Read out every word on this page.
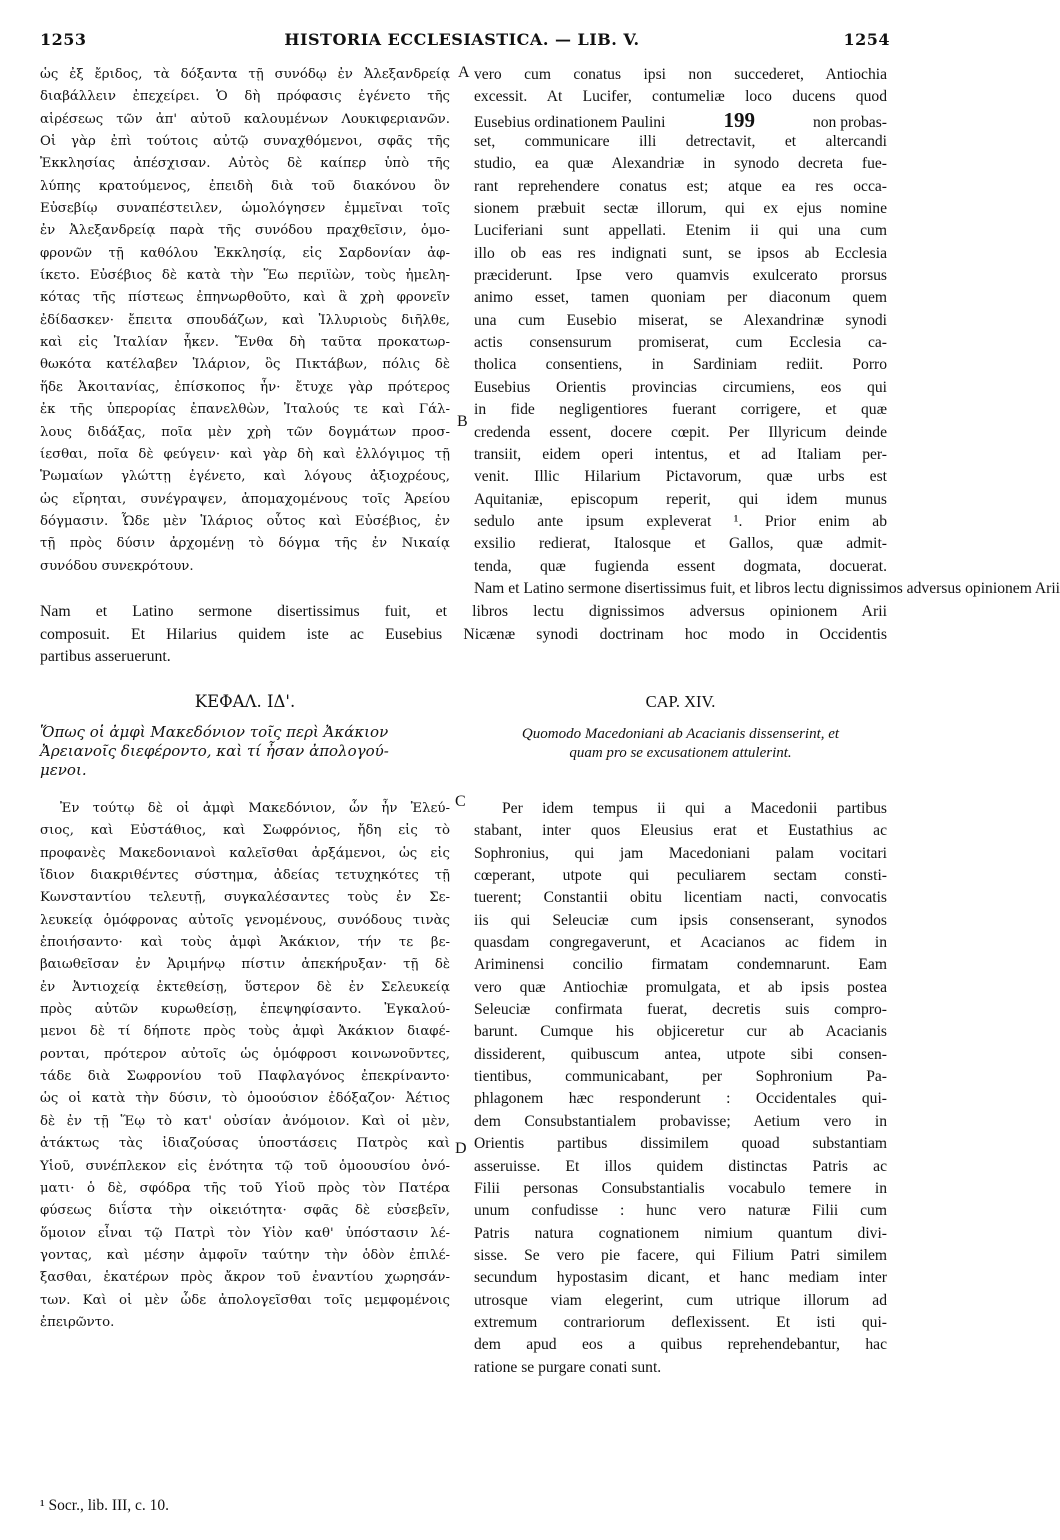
1253	HISTORIA ECCLESIASTICA. — LIB. V.	1254
ὡς ἐξ ἔριδος, τὰ δόξαντα τῇ συνόδῳ ἐν Ἀλεξανδρείᾳ
διαβάλλειν ἐπεχείρει. Ὁ δὴ πρόφασις ἐγένετο τῆς
αἱρέσεως τῶν ἀπ' αὐτοῦ καλουμένων Λουκιφεριανῶν.
Οἱ γὰρ ἐπὶ τούτοις αὐτῷ συναχθόμενοι, σφᾶς τῆς
Ἐκκλησίας ἀπέσχισαν. Αὐτὸς δὲ καίπερ ὑπὸ τῆς
λύπης κρατούμενος, ἐπειδὴ διὰ τοῦ διακόνου ὃν
Εὐσεβίῳ συναπέστειλεν, ὡμολόγησεν ἐμμεῖναι τοῖς
ἐν Ἀλεξανδρείᾳ παρὰ τῆς συνόδου πραχθεῖσιν, ὁμο-
φρονῶν τῇ καθόλου Ἐκκλησίᾳ, εἰς Σαρδονίαν ἀφ-
ίκετο. Εὐσέβιος δὲ κατὰ τὴν Ἕω περιϊὼν, τοὺς ἠμελη-
κότας τῆς πίστεως ἐπηνωρθοῦτο, καὶ ἃ χρὴ φρονεῖν
ἐδίδασκεν· ἔπειτα σπουδάζων, καὶ Ἰλλυριοὺς διῆλθε,
καὶ εἰς Ἰταλίαν ἧκεν. Ἔνθα δὴ ταῦτα προκατωρ-
θωκότα κατέλαβεν Ἱλάριον, ὃς Πικτάβων, πόλις δὲ
ἥδε Ἀκοιτανίας, ἐπίσκοπος ἦν· ἔτυχε γὰρ πρότερος
ἐκ τῆς ὑπερορίας ἐπανελθὼν, Ἰταλούς τε καὶ Γάλ-
λους διδάξας, ποῖα μὲν χρὴ τῶν δογμάτων προσ-
ίεσθαι, ποῖα δὲ φεύγειν· καὶ γὰρ δὴ καὶ ἐλλόγιμος τῇ
Ῥωμαίων γλώττῃ ἐγένετο, καὶ λόγους ἀξιοχρέους,
ὡς εἴρηται, συνέγραψεν, ἀπομαχομένους τοῖς Ἀρείου
δόγμασιν. Ὧδε μὲν Ἱλάριος οὗτος καὶ Εὐσέβιος, ἐν
τῇ πρὸς δύσιν ἀρχομένῃ τὸ δόγμα τῆς ἐν Νικαίᾳ
συνόδου συνεκρότουν.
vero cum conatus ipsi non succederet, Antiochia
excessit. At Lucifer, contumeliæ loco ducens quod
Eusebius ordinationem Paulini	199	non probas-
set, communicare illi detrectavit, et altercandi
studio, ea quæ Alexandriæ in synodo decreta fue-
rant reprehendere conatus est; atque ea res occa-
sionem præbuit sectæ illorum, qui ex ejus nomine
Luciferiani sunt appellati. Etenim ii qui una cum
illo ob eas res indignati sunt, se ipsos ab Ecclesia
præciderunt. Ipse vero quamvis exulcerato prorsus
animo esset, tamen quoniam per diaconum quem
una cum Eusebio miserat, se Alexandrinæ synodi
actis consensurum promiserat, cum Ecclesia ca-
tholica consentiens, in Sardiniam rediit. Porro
Eusebius Orientis provincias circumiens, eos qui
in fide negligentiores fuerant corrigere, et quæ
credenda essent, docere cœpit. Per Illyricum deinde
transiit, eidem operi intentus, et ad Italiam per-
venit. Illic Hilarium Pictavorum, quæ urbs est
Aquitaniæ, episcopum reperit, qui idem munus
sedulo ante ipsum expleverat ¹. Prior enim ab
exsilio redierat, Italosque et Gallos, quæ admit-
tenda, quæ fugienda essent dogmata, docuerat.
Nam et Latino sermone disertissimus fuit, et libros lectu dignissimos adversus opinionem Arii
A
B
C
D
Nam et Latino sermone disertissimus fuit, et libros lectu dignissimos adversus opinionem Arii
composuit. Et Hilarius quidem iste ac Eusebius Nicænæ synodi doctrinam hoc modo in Occidentis
partibus asseruerunt.
ΚΕΦΑΛ. ΙΔ'.	CAP. XIV.
Ὅπως οἱ ἀμφὶ Μακεδόνιον τοῖς περὶ Ἀκάκιον
Ἀρειανοῖς διεφέροντο, καὶ τί ἦσαν ἀπολογού-
μενοι.
Quomodo Macedoniani ab Acacianis dissenserint, et
quam pro se excusationem attulerint.
Ἐν τούτῳ δὲ οἱ ἀμφὶ Μακεδόνιον, ὧν ἦν Ἐλεύ-
σιος, καὶ Εὐστάθιος, καὶ Σωφρόνιος, ἤδη εἰς τὸ
προφανὲς Μακεδονιανοὶ καλεῖσθαι ἀρξάμενοι, ὡς εἰς
ἴδιον διακριθέντες σύστημα, ἀδείας τετυχηκότες τῇ
Κωνσταντίου τελευτῇ, συγκαλέσαντες τοὺς ἐν Σε-
λευκείᾳ ὁμόφρονας αὐτοῖς γενομένους, συνόδους τινὰς
ἐποιήσαντο· καὶ τοὺς ἀμφὶ Ἀκάκιον, τήν τε βε-
βαιωθεῖσαν ἐν Ἀριμήνῳ πίστιν ἀπεκήρυξαν· τῇ δὲ
ἐν Ἀντιοχείᾳ ἐκτεθείσῃ, ὕστερον δὲ ἐν Σελευκείᾳ
πρὸς αὐτῶν κυρωθείσῃ, ἐπεψηφίσαντο. Ἐγκαλού-
μενοι δὲ τί δήποτε πρὸς τοὺς ἀμφὶ Ἀκάκιον διαφέ-
ρονται, πρότερον αὐτοῖς ὡς ὁμόφροσι κοινωνοῦντες,
τάδε διὰ Σωφρονίου τοῦ Παφλαγόνος ἐπεκρίναντο·
ὡς οἱ κατὰ τὴν δύσιν, τὸ ὁμοούσιον ἐδόξαζον· Ἀέτιος
δὲ ἐν τῇ Ἕῳ τὸ κατ' οὐσίαν ἀνόμοιον. Καὶ οἱ μὲν,
ἀτάκτως τὰς ἰδιαζούσας ὑποστάσεις Πατρὸς καὶ
Υἱοῦ, συνέπλεκον εἰς ἑνότητα τῷ τοῦ ὁμοουσίου ὀνό-
ματι· ὁ δὲ, σφόδρα τῆς τοῦ Υἱοῦ πρὸς τὸν Πατέρα
φύσεως διΐστα τὴν οἰκειότητα· σφᾶς δὲ εὐσεβεῖν,
ὅμοιον εἶναι τῷ Πατρὶ τὸν Υἱὸν καθ' ὑπόστασιν λέ-
γοντας, καὶ μέσην ἀμφοῖν ταύτην τὴν ὁδὸν ἐπιλέ-
ξασθαι, ἑκατέρων πρὸς ἄκρον τοῦ ἐναντίου χωρησάν-
των. Καὶ οἱ μὲν ὧδε ἀπολογεῖσθαι τοῖς μεμφομένοις
ἐπειρῶντο.
Per idem tempus ii qui a Macedonii partibus
stabant, inter quos Eleusius erat et Eustathius ac
Sophronius, qui jam Macedoniani palam vocitari
cœperant, utpote qui peculiarem sectam consti-
tuerent; Constantii obitu licentiam nacti, convocatis
iis qui Seleuciæ cum ipsis consenserant, synodos
quasdam congregaverunt, et Acacianos ac fidem in
Ariminensi concilio firmatam condemnarunt. Eam
vero quæ Antiochiæ promulgata, et ab ipsis postea
Seleuciæ confirmata fuerat, decretis suis compro-
barunt. Cumque his objiceretur cur ab Acacianis
dissiderent, quibuscum antea, utpote sibi consen-
tientibus, communicabant, per Sophronium Pa-
phlagonem hæc responderunt : Occidentales qui-
dem Consubstantialem probavisse; Aetium vero in
Orientis partibus dissimilem quoad substantiam
asseruisse. Et illos quidem distinctas Patris ac
Filii personas Consubstantialis vocabulo temere in
unum confudisse : hunc vero naturæ Filii cum
Patris natura cognationem nimium quantum divi-
sisse. Se vero pie facere, qui Filium Patri similem
secundum hypostasim dicant, et hanc mediam inter
utrosque viam elegerint, cum utrique illorum ad
extremum contrariorum deflexissent. Et isti qui-
dem apud eos a quibus reprehendebantur, hac
ratione se purgare conati sunt.
¹ Socr., lib. III, c. 10.
